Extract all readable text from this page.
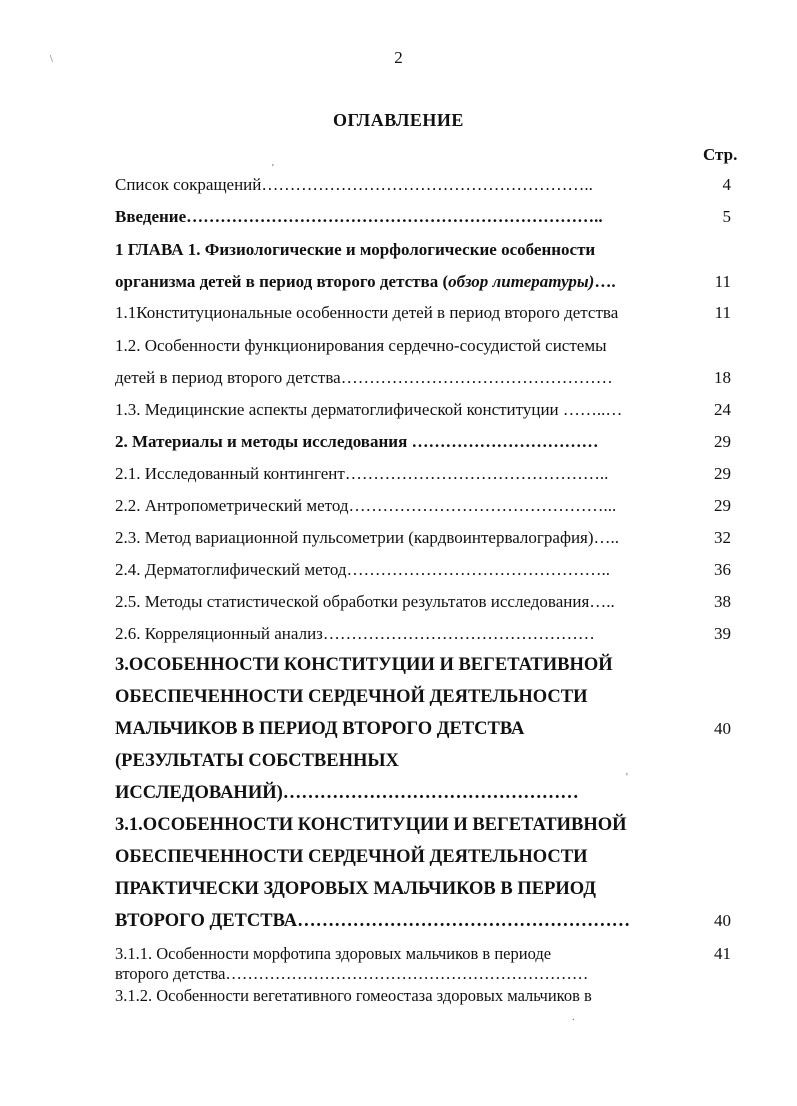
2
ОГЛАВЛЕНИЕ
Стр.
\
'
Список сокращений…………………………………………………..	4
Введение………………………………………………………………..	5
1 ГЛАВА 1. Физиологические и морфологические особенности
организма детей в период второго детства (обзор литературы)….	11
1.1Конституциональные особенности детей в период второго детства	11
1.2. Особенности функционирования сердечно-сосудистой системы
детей в период второго детства…………………………………………	18
1.3. Медицинские аспекты дерматоглифической конституции ……..…	24
2. Материалы и методы исследования ……………………………	29
2.1. Исследованный контингент………………………………………..	29
2.2. Антропометрический метод………………………………………...	29
2.3. Метод вариационной пульсометрии (кардвоинтервалография)…..	32
2.4. Дерматоглифический метод………………………………………..	36
2.5. Методы статистической обработки результатов исследования…..	38
2.6. Корреляционный анализ…………………………………………	39
3.ОСОБЕННОСТИ КОНСТИТУЦИИ И ВЕГЕТАТИВНОЙ
ОБЕСПЕЧЕННОСТИ СЕРДЕЧНОЙ ДЕЯТЕЛЬНОСТИ
МАЛЬЧИКОВ В ПЕРИОД ВТОРОГО ДЕТСТВА	40
(РЕЗУЛЬТАТЫ СОБСТВЕННЫХ
'
ИССЛЕДОВАНИЙ)…………………………………………
3.1.ОСОБЕННОСТИ КОНСТИТУЦИИ И ВЕГЕТАТИВНОЙ
ОБЕСПЕЧЕННОСТИ СЕРДЕЧНОЙ ДЕЯТЕЛЬНОСТИ
ПРАКТИЧЕСКИ ЗДОРОВЫХ МАЛЬЧИКОВ В ПЕРИОД
ВТОРОГО ДЕТСТВА………………………………………………	40
3.1.1. Особенности морфотипа здоровых мальчиков в периоде	41
второго детства…………………………………………………………
3.1.2. Особенности вегетативного гомеостаза здоровых мальчиков в
.
